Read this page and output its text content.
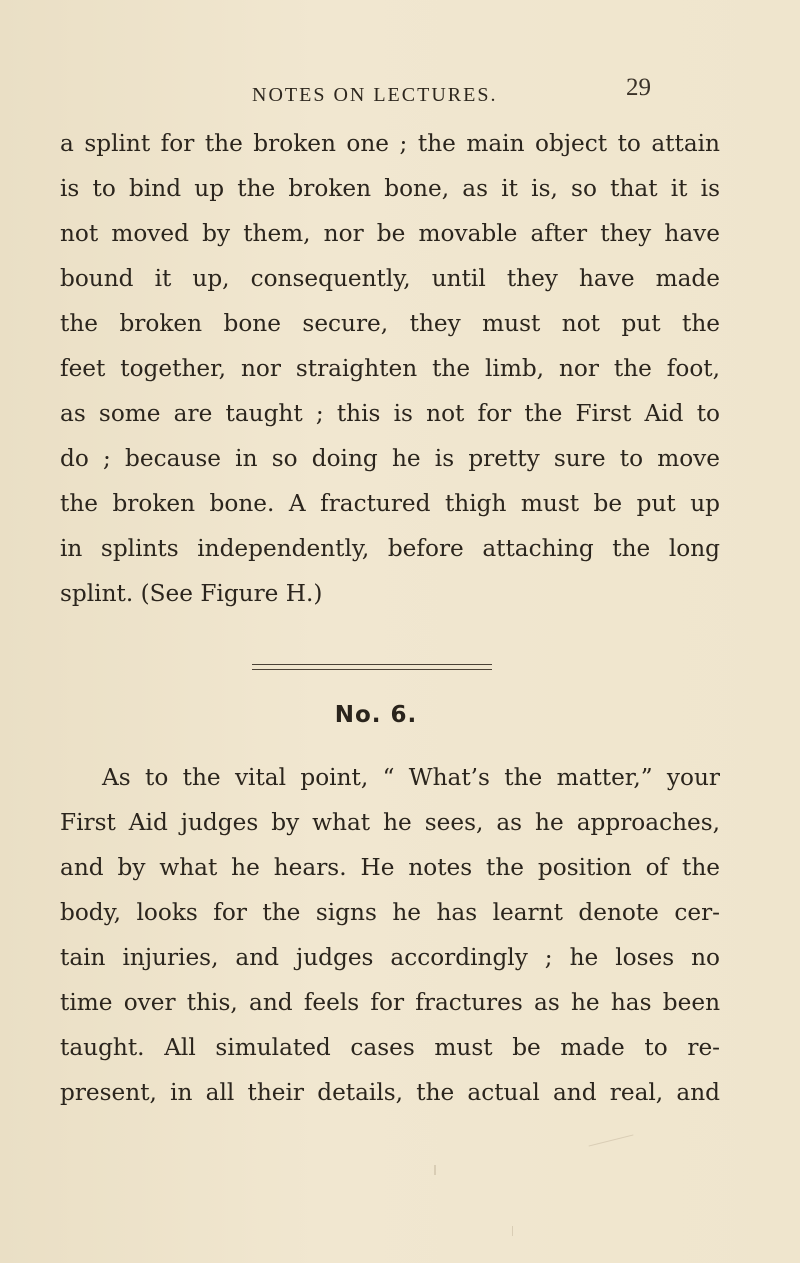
NOTES ON LECTURES.	29
a splint for the broken one ; the main object to attain
is to bind up the broken bone, as it is, so that it is
not moved by them, nor be movable after they have
bound it up, consequently, until they have made
the broken bone secure, they must not put the
feet together, nor straighten the limb, nor the foot,
as some are taught ; this is not for the First Aid to
do ; because in so doing he is pretty sure to move
the broken bone. A fractured thigh must be put up
in splints independently, before attaching the long
splint. (See Figure H.)
No. 6.
As to the vital point, “ What’s the matter,” your
First Aid judges by what he sees, as he approaches,
and by what he hears. He notes the position of the
body, looks for the signs he has learnt denote cer-
tain injuries, and judges accordingly ; he loses no
time over this, and feels for fractures as he has been
taught. All simulated cases must be made to re-
present, in all their details, the actual and real, and
